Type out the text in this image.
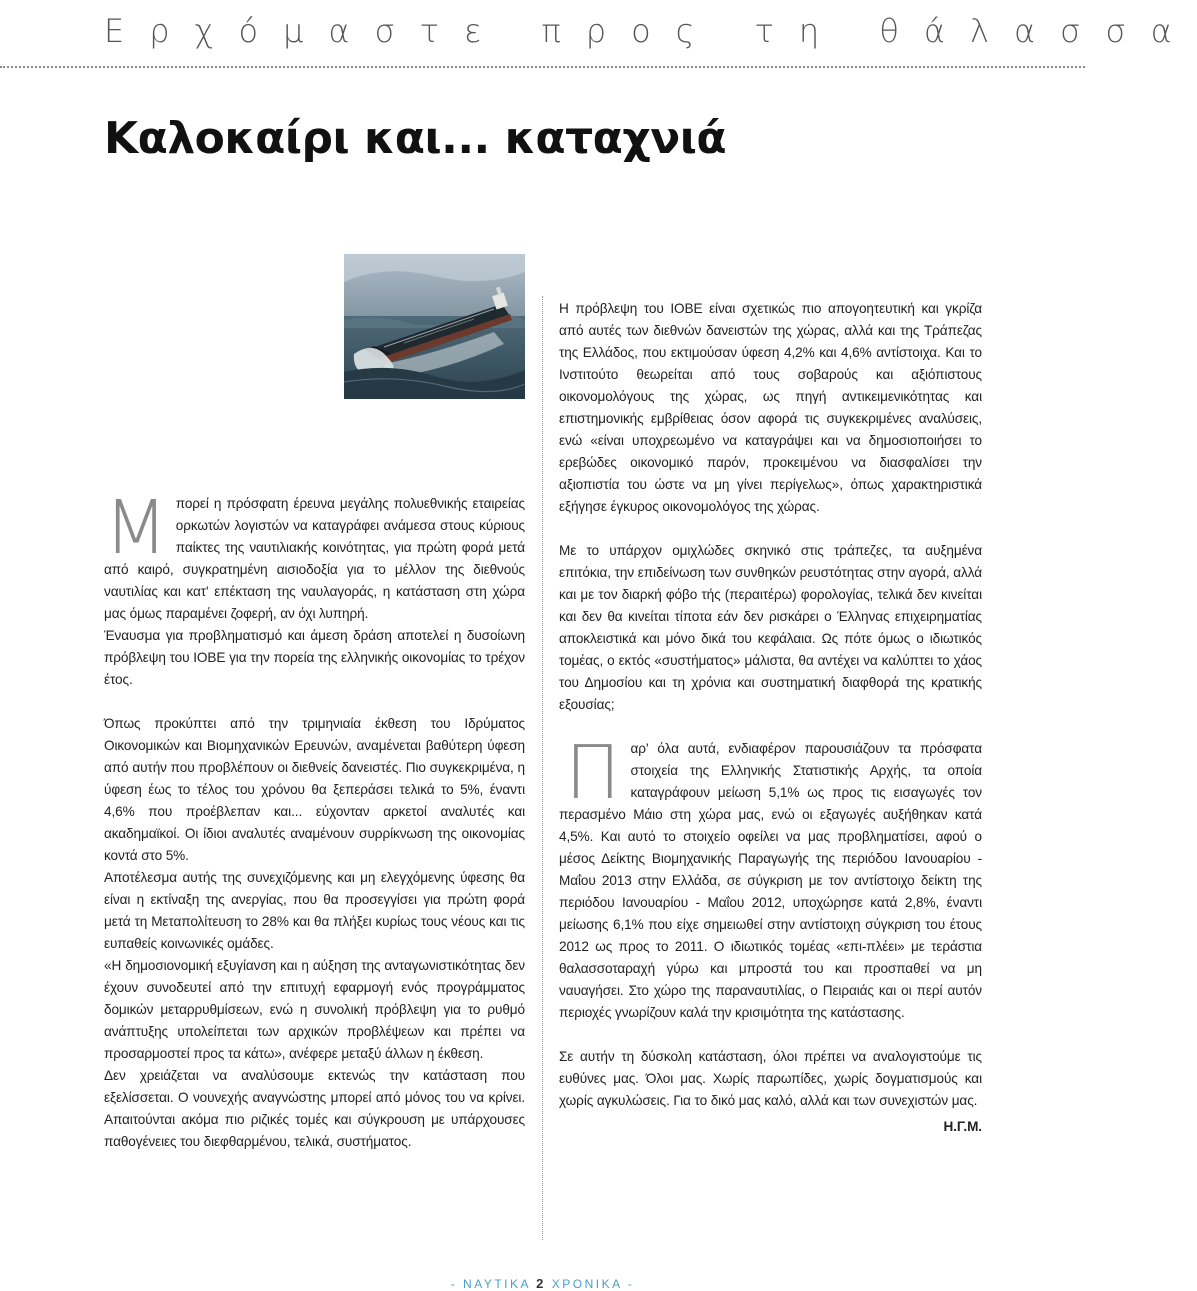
Ερχόμαστε προς τη θάλασσα
Καλοκαίρι και... καταχνιά
Μ πορεί η πρόσφατη έρευνα μεγάλης πολυεθνικής εταιρείας ορκωτών λογιστών να καταγράφει ανάμεσα στους κύριους παίκτες της ναυτιλιακής κοινότητας, για πρώτη φορά μετά από καιρό, συγκρατημένη αισιοδοξία για το μέλλον της διεθνούς ναυτιλίας και κατ' επέκταση της ναυλαγοράς, η κατάσταση στη χώρα μας όμως παραμένει ζοφερή, αν όχι λυπηρή.

Έναυσμα για προβληματισμό και άμεση δράση αποτελεί η δυσοίωνη πρόβλεψη του ΙΟΒΕ για την πορεία της ελληνικής οικονομίας το τρέχον έτος.

Όπως προκύπτει από την τριμηνιαία έκθεση του Ιδρύματος Οικονομικών και Βιομηχανικών Ερευνών, αναμένεται βαθύτερη ύφεση από αυτήν που προβλέπουν οι διεθνείς δανειστές. Πιο συγκεκριμένα, η ύφεση έως το τέλος του χρόνου θα ξεπεράσει τελικά το 5%, έναντι 4,6% που προέβλεπαν και... εύχονταν αρκετοί αναλυτές και ακαδημαϊκοί. Οι ίδιοι αναλυτές αναμένουν συρρίκνωση της οικονομίας κοντά στο 5%.

Αποτέλεσμα αυτής της συνεχιζόμενης και μη ελεγχόμενης ύφεσης θα είναι η εκτίναξη της ανεργίας, που θα προσεγγίσει για πρώτη φορά μετά τη Μεταπολίτευση το 28% και θα πλήξει κυρίως τους νέους και τις ευπαθείς κοινωνικές ομάδες.

«Η δημοσιονομική εξυγίανση και η αύξηση της ανταγωνιστικότητας δεν έχουν συνοδευτεί από την επιτυχή εφαρμογή ενός προγράμματος δομικών μεταρρυθμίσεων, ενώ η συνολική πρόβλεψη για το ρυθμό ανάπτυξης υπολείπεται των αρχικών προβλέψεων και πρέπει να προσαρμοστεί προς τα κάτω», ανέφερε μεταξύ άλλων η έκθεση.

Δεν χρειάζεται να αναλύσουμε εκτενώς την κατάσταση που εξελίσσεται. Ο νουνεχής αναγνώστης μπορεί από μόνος του να κρίνει. Απαιτούνται ακόμα πιο ριζικές τομές και σύγκρουση με υπάρχουσες παθογένειες του διεφθαρμένου, τελικά, συστήματος.

Η πρόβλεψη του ΙΟΒΕ είναι σχετικώς πιο απογοητευτική και γκρίζα από αυτές των διεθνών δανειστών της χώρας, αλλά και της Τράπεζας της Ελλάδος, που εκτιμούσαν ύφεση 4,2% και 4,6% αντίστοιχα. Και το Ινστιτούτο θεωρείται από τους σοβαρούς και αξιόπιστους οικονομολόγους της χώρας, ως πηγή αντικειμενικότητας και επιστημονικής εμβρίθειας όσον αφορά τις συγκεκριμένες αναλύσεις, ενώ «είναι υποχρεωμένο να καταγράψει και να δημοσιοποιήσει το ερεβώδες οικονομικό παρόν, προκειμένου να διασφαλίσει την αξιοπιστία του ώστε να μη γίνει περίγελως», όπως χαρακτηριστικά εξήγησε έγκυρος οικονομολόγος της χώρας.

Με το υπάρχον ομιχλώδες σκηνικό στις τράπεζες, τα αυξημένα επιτόκια, την επιδείνωση των συνθηκών ρευστότητας στην αγορά, αλλά και με τον διαρκή φόβο τής (περαιτέρω) φορολογίας, τελικά δεν κινείται και δεν θα κινείται τίποτα εάν δεν ρισκάρει ο Έλληνας επιχειρηματίας αποκλειστικά και μόνο δικά του κεφάλαια. Ως πότε όμως ο ιδιωτικός τομέας, ο εκτός «συστήματος» μάλιστα, θα αντέχει να καλύπτει το χάος του Δημοσίου και τη χρόνια και συστηματική διαφθορά της κρατικής εξουσίας;

Π αρ' όλα αυτά, ενδιαφέρον παρουσιάζουν τα πρόσφατα στοιχεία της Ελληνικής Στατιστικής Αρχής, τα οποία καταγράφουν μείωση 5,1% ως προς τις εισαγωγές τον περασμένο Μάιο στη χώρα μας, ενώ οι εξαγωγές αυξήθηκαν κατά 4,5%. Και αυτό το στοιχείο οφείλει να μας προβληματίσει, αφού ο μέσος Δείκτης Βιομηχανικής Παραγωγής της περιόδου Ιανουαρίου - Μαΐου 2013 στην Ελλάδα, σε σύγκριση με τον αντίστοιχο δείκτη της περιόδου Ιανουαρίου - Μαΐου 2012, υποχώρησε κατά 2,8%, έναντι μείωσης 6,1% που είχε σημειωθεί στην αντίστοιχη σύγκριση του έτους 2012 ως προς το 2011. Ο ιδιωτικός τομέας «επι-πλέει» με τεράστια θαλασσοταραχή γύρω και μπροστά του και προσπαθεί να μη ναυαγήσει. Στο χώρο της παραναυτιλίας, ο Πειραιάς και οι περί αυτόν περιοχές γνωρίζουν καλά την κρισιμότητα της κατάστασης.

Σε αυτήν τη δύσκολη κατάσταση, όλοι πρέπει να αναλογιστούμε τις ευθύνες μας. Όλοι μας. Χωρίς παρωπίδες, χωρίς δογματισμούς και χωρίς αγκυλώσεις. Για το δικό μας καλό, αλλά και των συνεχιστών μας.

Η.Γ.Μ.
- ΝΑΥΤΙΚΑ 2 ΧΡΟΝΙΚΑ -
